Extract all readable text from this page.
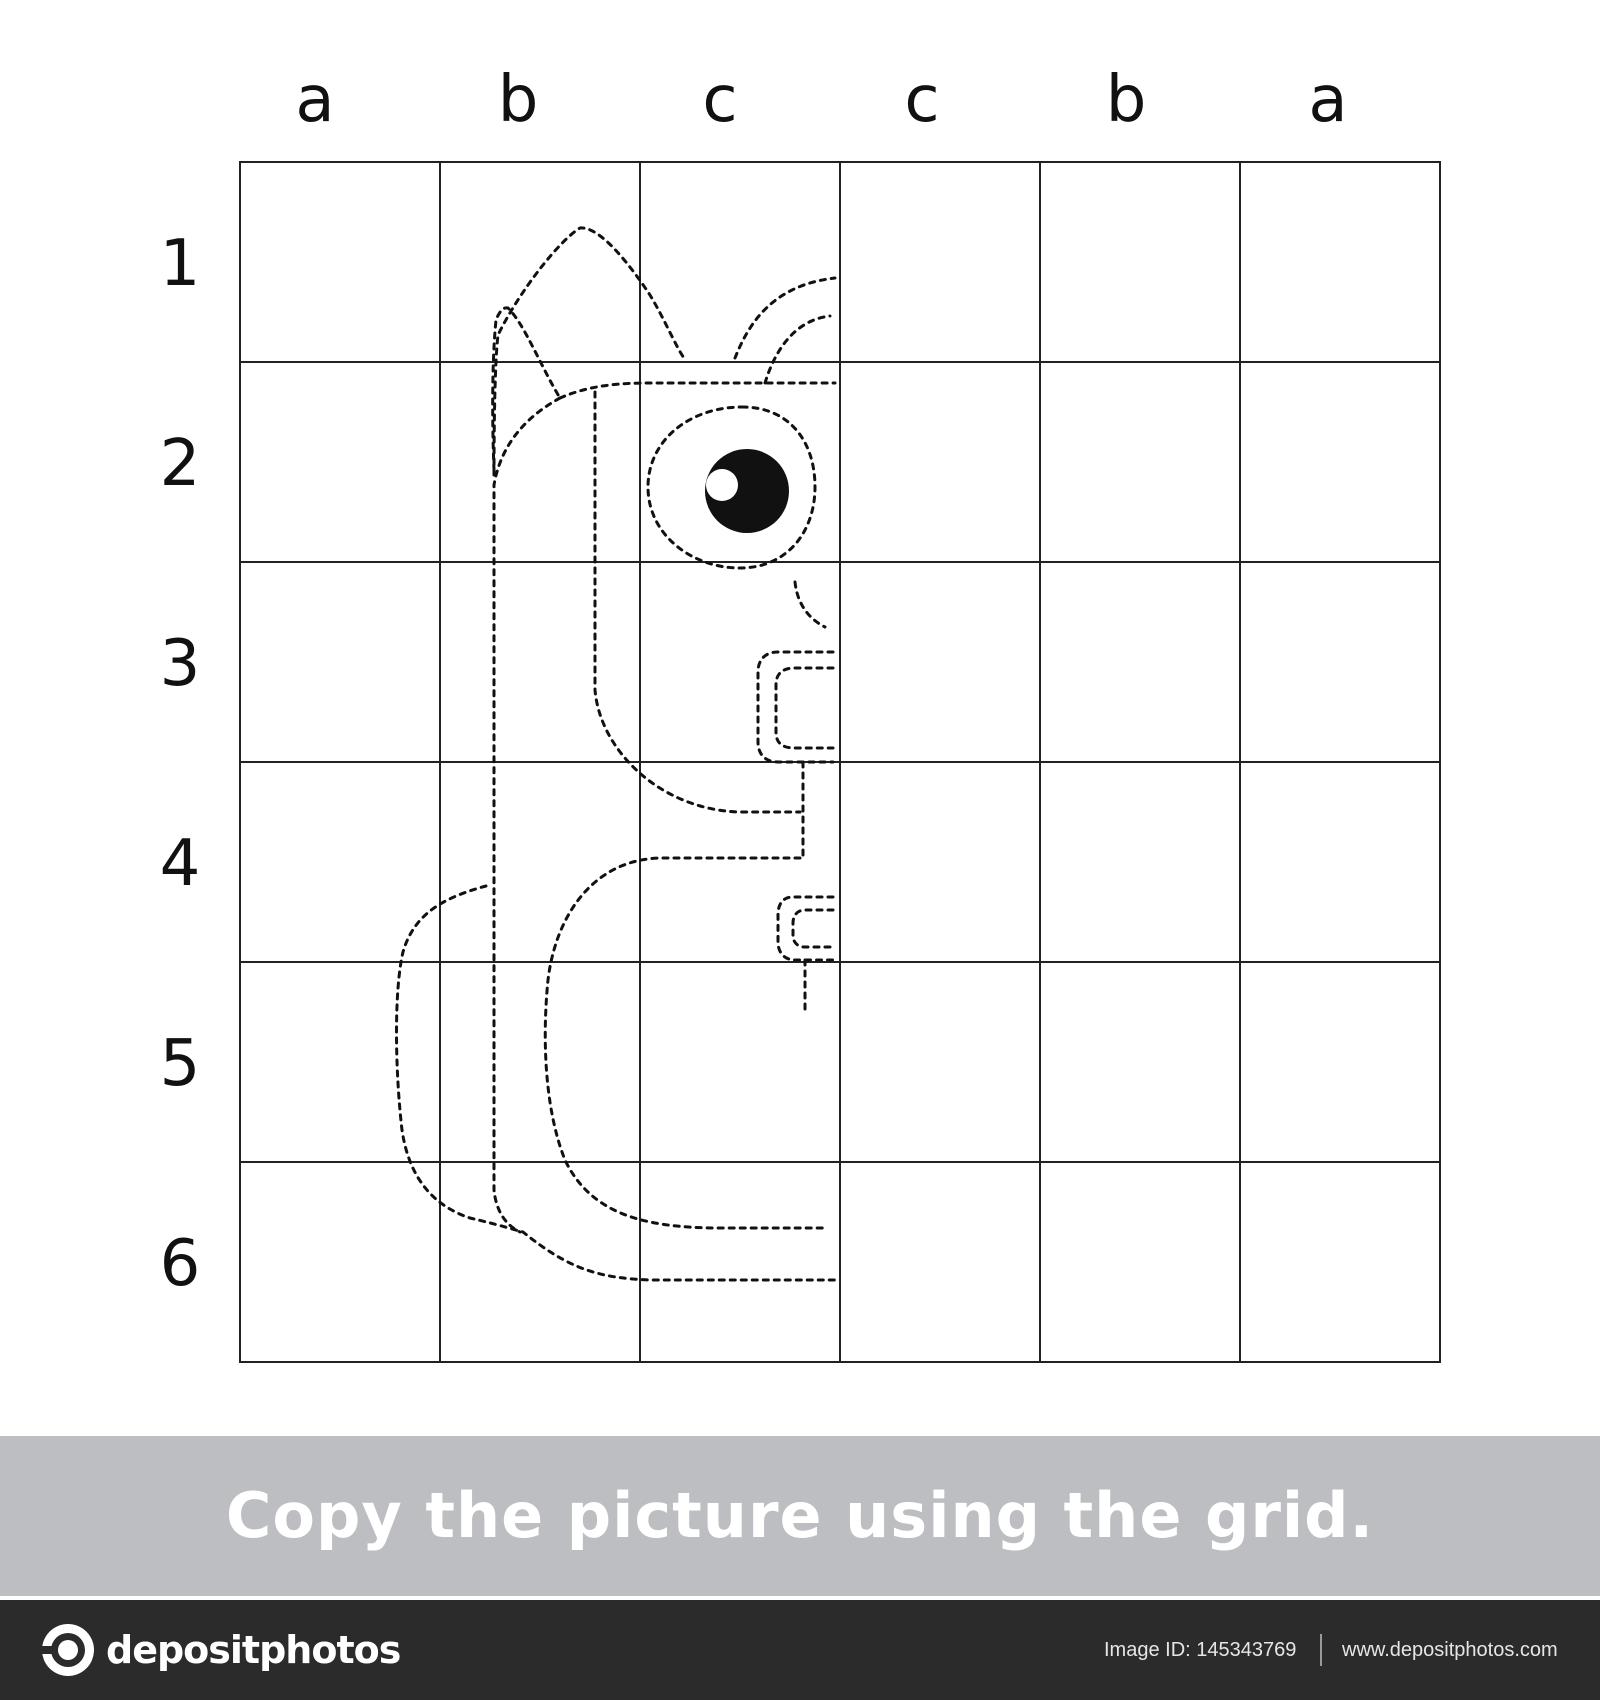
a	b	c	c	b	a
1
2
3
4
5
6
Copy the picture using the grid.
depositphotos	Image ID: 145343769 www.depositphotos.com
